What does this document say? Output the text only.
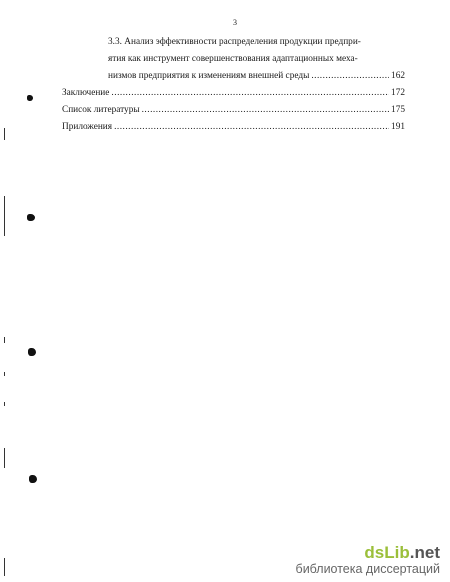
3
3.3. Анализ эффективности распределения продукции предпри-
ятия как инструмент совершенствования адаптационных меха-
низмов предприятия к изменениям внешней среды .....	162
Заключение .....	172
Список литературы .....	175
Приложения .....	191
dsLib.net
библиотека диссертаций
